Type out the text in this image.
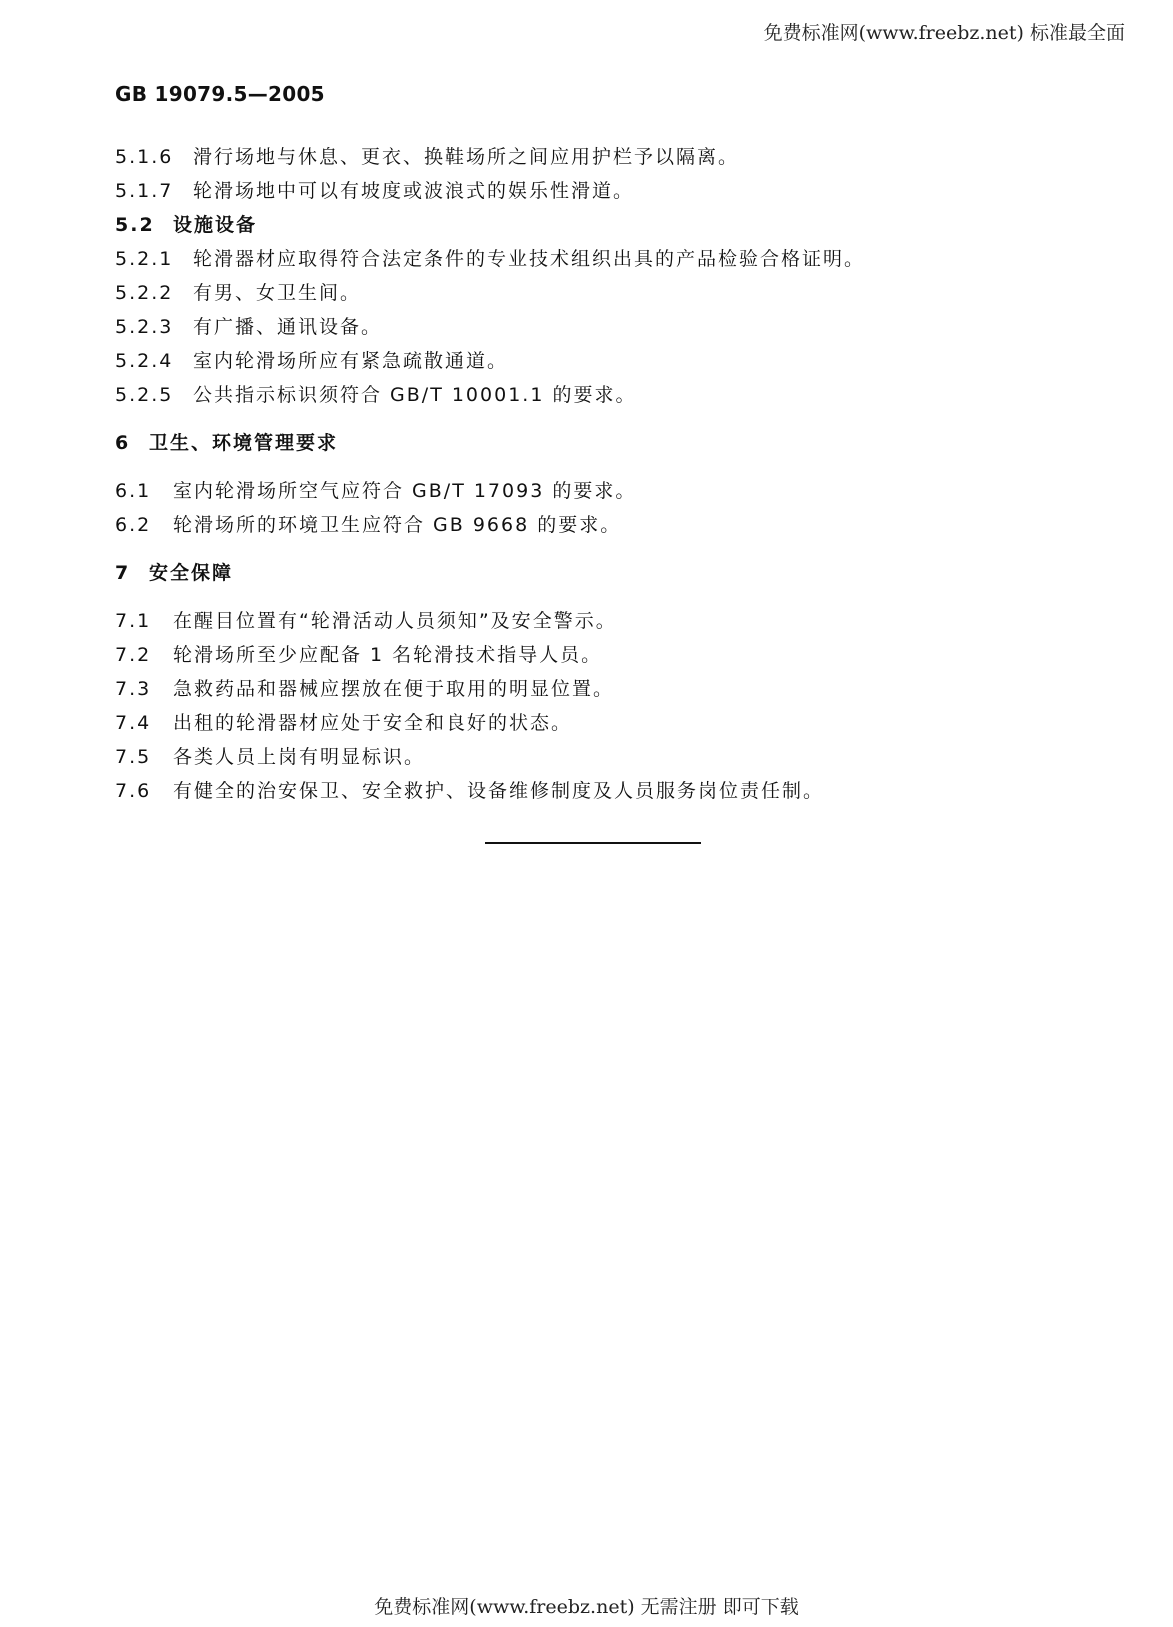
免费标准网(www.freebz.net) 标准最全面
GB 19079.5—2005
5.1.6 滑行场地与休息、更衣、换鞋场所之间应用护栏予以隔离。
5.1.7 轮滑场地中可以有坡度或波浪式的娱乐性滑道。
5.2 设施设备
5.2.1 轮滑器材应取得符合法定条件的专业技术组织出具的产品检验合格证明。
5.2.2 有男、女卫生间。
5.2.3 有广播、通讯设备。
5.2.4 室内轮滑场所应有紧急疏散通道。
5.2.5 公共指示标识须符合 GB/T 10001.1 的要求。
6 卫生、环境管理要求
6.1 室内轮滑场所空气应符合 GB/T 17093 的要求。
6.2 轮滑场所的环境卫生应符合 GB 9668 的要求。
7 安全保障
7.1 在醒目位置有“轮滑活动人员须知”及安全警示。
7.2 轮滑场所至少应配备 1 名轮滑技术指导人员。
7.3 急救药品和器械应摆放在便于取用的明显位置。
7.4 出租的轮滑器材应处于安全和良好的状态。
7.5 各类人员上岗有明显标识。
7.6 有健全的治安保卫、安全救护、设备维修制度及人员服务岗位责任制。
免费标准网(www.freebz.net) 无需注册 即可下载
